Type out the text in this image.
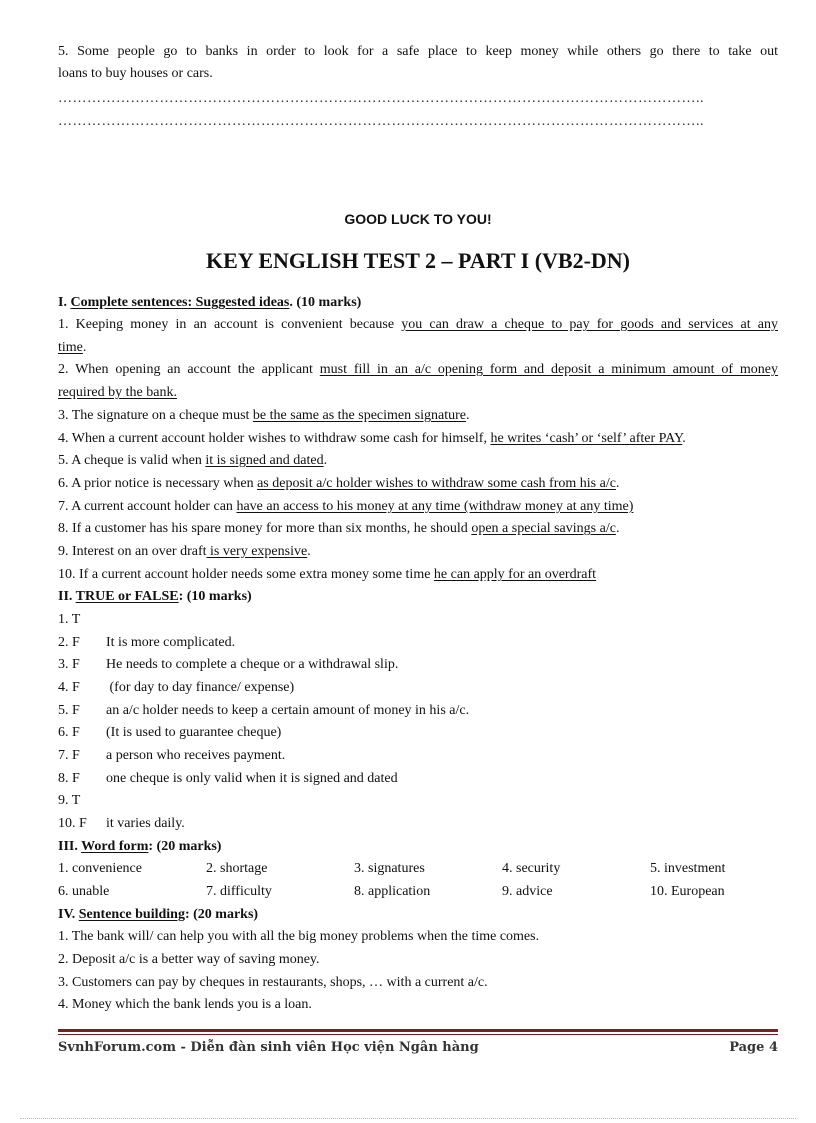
5. Some people go to banks in order to look for a safe place to keep money while others go there to take out
loans to buy houses or cars.
……………………………………………………………………………………………………………………..
……………………………………………………………………………………………………………………..
GOOD LUCK TO YOU!
KEY ENGLISH TEST 2 – PART I (VB2-DN)
I. Complete sentences: Suggested ideas. (10 marks)
1. Keeping money in an account is convenient because you can draw a cheque to pay for goods and services at any
time.
2. When opening an account the applicant must fill in an a/c opening form and deposit a minimum amount of money
required by the bank.
3. The signature on a cheque must be the same as the specimen signature.
4. When a current account holder wishes to withdraw some cash for himself, he writes ‘cash’ or ‘self’ after PAY.
5. A cheque is valid when it is signed and dated.
6. A prior notice is necessary when as deposit a/c holder wishes to withdraw some cash from his a/c.
7. A current account holder can have an access to his money at any time (withdraw money at any time)
8. If a customer has his spare money for more than six months, he should open a special savings a/c.
9. Interest on an over draft is very expensive.
10. If a current account holder needs some extra money some time he can apply for an overdraft
II. TRUE or FALSE: (10 marks)
1. T
2. F It is more complicated.
3. F He needs to complete a cheque or a withdrawal slip.
4. F (for day to day finance/ expense)
5. F an a/c holder needs to keep a certain amount of money in his a/c.
6. F (It is used to guarantee cheque)
7. F a person who receives payment.
8. F one cheque is only valid when it is signed and dated
9. T
10. F it varies daily.
III. Word form: (20 marks)
1. convenience	2. shortage	3. signatures	4. security	5. investment
6. unable	7. difficulty	8. application	9. advice	10. European
IV. Sentence building: (20 marks)
1. The bank will/ can help you with all the big money problems when the time comes.
2. Deposit a/c is a better way of saving money.
3. Customers can pay by cheques in restaurants, shops, … with a current a/c.
4. Money which the bank lends you is a loan.
SvnhForum.com - Diễn đàn sinh viên Học viện Ngân hàng	Page 4
